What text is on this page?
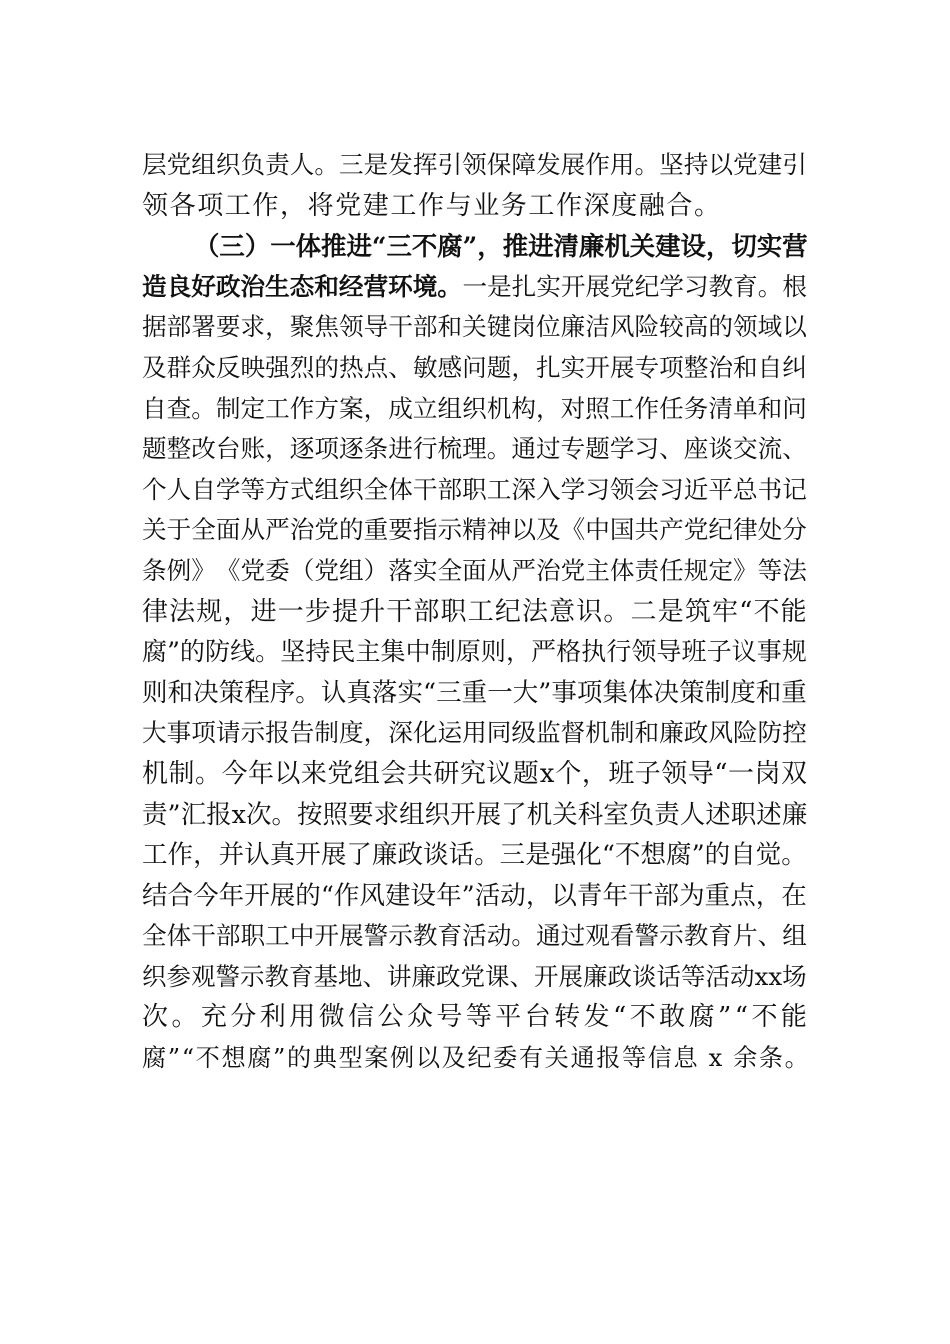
层 党 组 织 负 责 人 。 三 是 发 挥 引 领 保 障 发 展 作 用 。 坚 持 以 党 建 引
领各项工作，将党建工作与业务工作深度融合。
（三）一体推进“三不腐”，推进清廉机关建设，切实营
造良好政治生态和经营环境。 一是扎实开展党纪学习教育。根
据 部 署 要 求 ， 聚 焦 领 导 干 部 和 关 键 岗 位 廉 洁 风 险 较 高 的 领 域 以
及 群 众 反 映 强 烈 的 热 点 、 敏 感 问 题 ， 扎 实 开 展 专 项 整 治 和 自 纠
自 查 。 制 定 工 作 方 案 ， 成 立 组 织 机 构 ， 对 照 工 作 任 务 清 单 和 问
题 整 改 台 账 ， 逐 项 逐 条 进 行 梳 理 。 通 过 专 题 学 习 、 座 谈 交 流 、
个 人 自 学 等 方 式 组 织 全 体 干 部 职 工 深 入 学 习 领 会 习 近 平 总 书 记
关 于 全 面 从 严 治 党 的 重 要 指 示 精 神 以 及 《 中 国 共 产 党 纪 律 处 分
条 例 》 《 党 委 （ 党 组 ） 落 实 全 面 从 严 治 党 主 体 责 任 规 定 》 等 法
律 法 规 ， 进 一 步 提 升 干 部 职 工 纪 法 意 识 。 二 是 筑 牢 “ 不 能
腐 ” 的 防 线 。 坚 持 民 主 集 中 制 原 则 ， 严 格 执 行 领 导 班 子 议 事 规
则 和 决 策 程 序 。 认 真 落 实 “ 三 重 一 大 ” 事 项 集 体 决 策 制 度 和 重
大 事 项 请 示 报 告 制 度 ， 深 化 运 用 同 级 监 督 机 制 和 廉 政 风 险 防 控
机 制 。 今 年 以 来 党 组 会 共 研 究 议 题 x 个 ， 班 子 领 导 “ 一 岗 双
责 ” 汇 报 x 次 。 按 照 要 求 组 织 开 展 了 机 关 科 室 负 责 人 述 职 述 廉
工 作 ， 并 认 真 开 展 了 廉 政 谈 话 。 三 是 强 化 “ 不 想 腐 ” 的 自 觉 。
结 合 今 年 开 展 的 “ 作 风 建 设 年 ” 活 动 ， 以 青 年 干 部 为 重 点 ， 在
全 体 干 部 职 工 中 开 展 警 示 教 育 活 动 。 通 过 观 看 警 示 教 育 片 、 组
织 参 观 警 示 教 育 基 地 、 讲 廉 政 党 课 、 开 展 廉 政 谈 话 等 活 动 x x 场
次 。 充 分 利 用 微 信 公 众 号 等 平 台 转 发 “ 不 敢 腐 ” “ 不 能
腐”“不想腐”的典型案例以及纪委有关通报等信息 x 余条。
